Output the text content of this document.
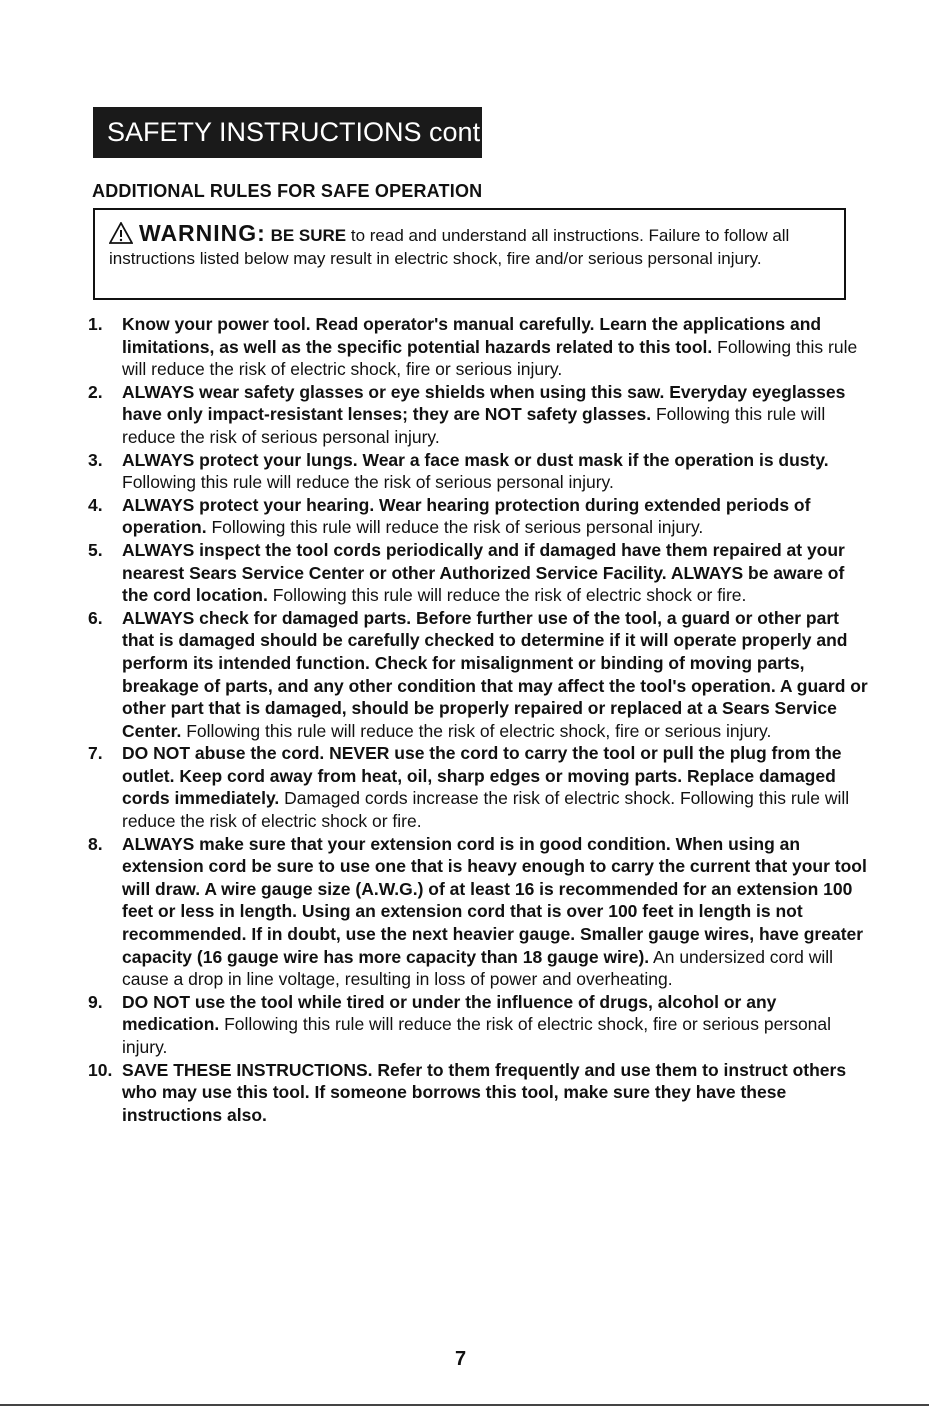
SAFETY INSTRUCTIONS cont.
ADDITIONAL RULES FOR SAFE OPERATION
WARNING: BE SURE to read and understand all instructions. Failure to follow all instructions listed below may result in electric shock, fire and/or serious personal injury.
1. Know your power tool. Read operator's manual carefully. Learn the applications and limitations, as well as the specific potential hazards related to this tool. Following this rule will reduce the risk of electric shock, fire or serious injury.
2. ALWAYS wear safety glasses or eye shields when using this saw. Everyday eyeglasses have only impact-resistant lenses; they are NOT safety glasses. Following this rule will reduce the risk of serious personal injury.
3. ALWAYS protect your lungs. Wear a face mask or dust mask if the operation is dusty. Following this rule will reduce the risk of serious personal injury.
4. ALWAYS protect your hearing. Wear hearing protection during extended periods of operation. Following this rule will reduce the risk of serious personal injury.
5. ALWAYS inspect the tool cords periodically and if damaged have them repaired at your nearest Sears Service Center or other Authorized Service Facility. ALWAYS be aware of the cord location. Following this rule will reduce the risk of electric shock or fire.
6. ALWAYS check for damaged parts. Before further use of the tool, a guard or other part that is damaged should be carefully checked to determine if it will operate properly and perform its intended function. Check for misalignment or binding of moving parts, breakage of parts, and any other condition that may affect the tool's operation. A guard or other part that is damaged, should be properly repaired or replaced at a Sears Service Center. Following this rule will reduce the risk of electric shock, fire or serious injury.
7. DO NOT abuse the cord. NEVER use the cord to carry the tool or pull the plug from the outlet. Keep cord away from heat, oil, sharp edges or moving parts. Replace damaged cords immediately. Damaged cords increase the risk of electric shock. Following this rule will reduce the risk of electric shock or fire.
8. ALWAYS make sure that your extension cord is in good condition. When using an extension cord be sure to use one that is heavy enough to carry the current that your tool will draw. A wire gauge size (A.W.G.) of at least 16 is recommended for an extension 100 feet or less in length. Using an extension cord that is over 100 feet in length is not recommended. If in doubt, use the next heavier gauge. Smaller gauge wires, have greater capacity (16 gauge wire has more capacity than 18 gauge wire). An undersized cord will cause a drop in line voltage, resulting in loss of power and overheating.
9. DO NOT use the tool while tired or under the influence of drugs, alcohol or any medication. Following this rule will reduce the risk of electric shock, fire or serious personal injury.
10. SAVE THESE INSTRUCTIONS. Refer to them frequently and use them to instruct others who may use this tool. If someone borrows this tool, make sure they have these instructions also.
7
